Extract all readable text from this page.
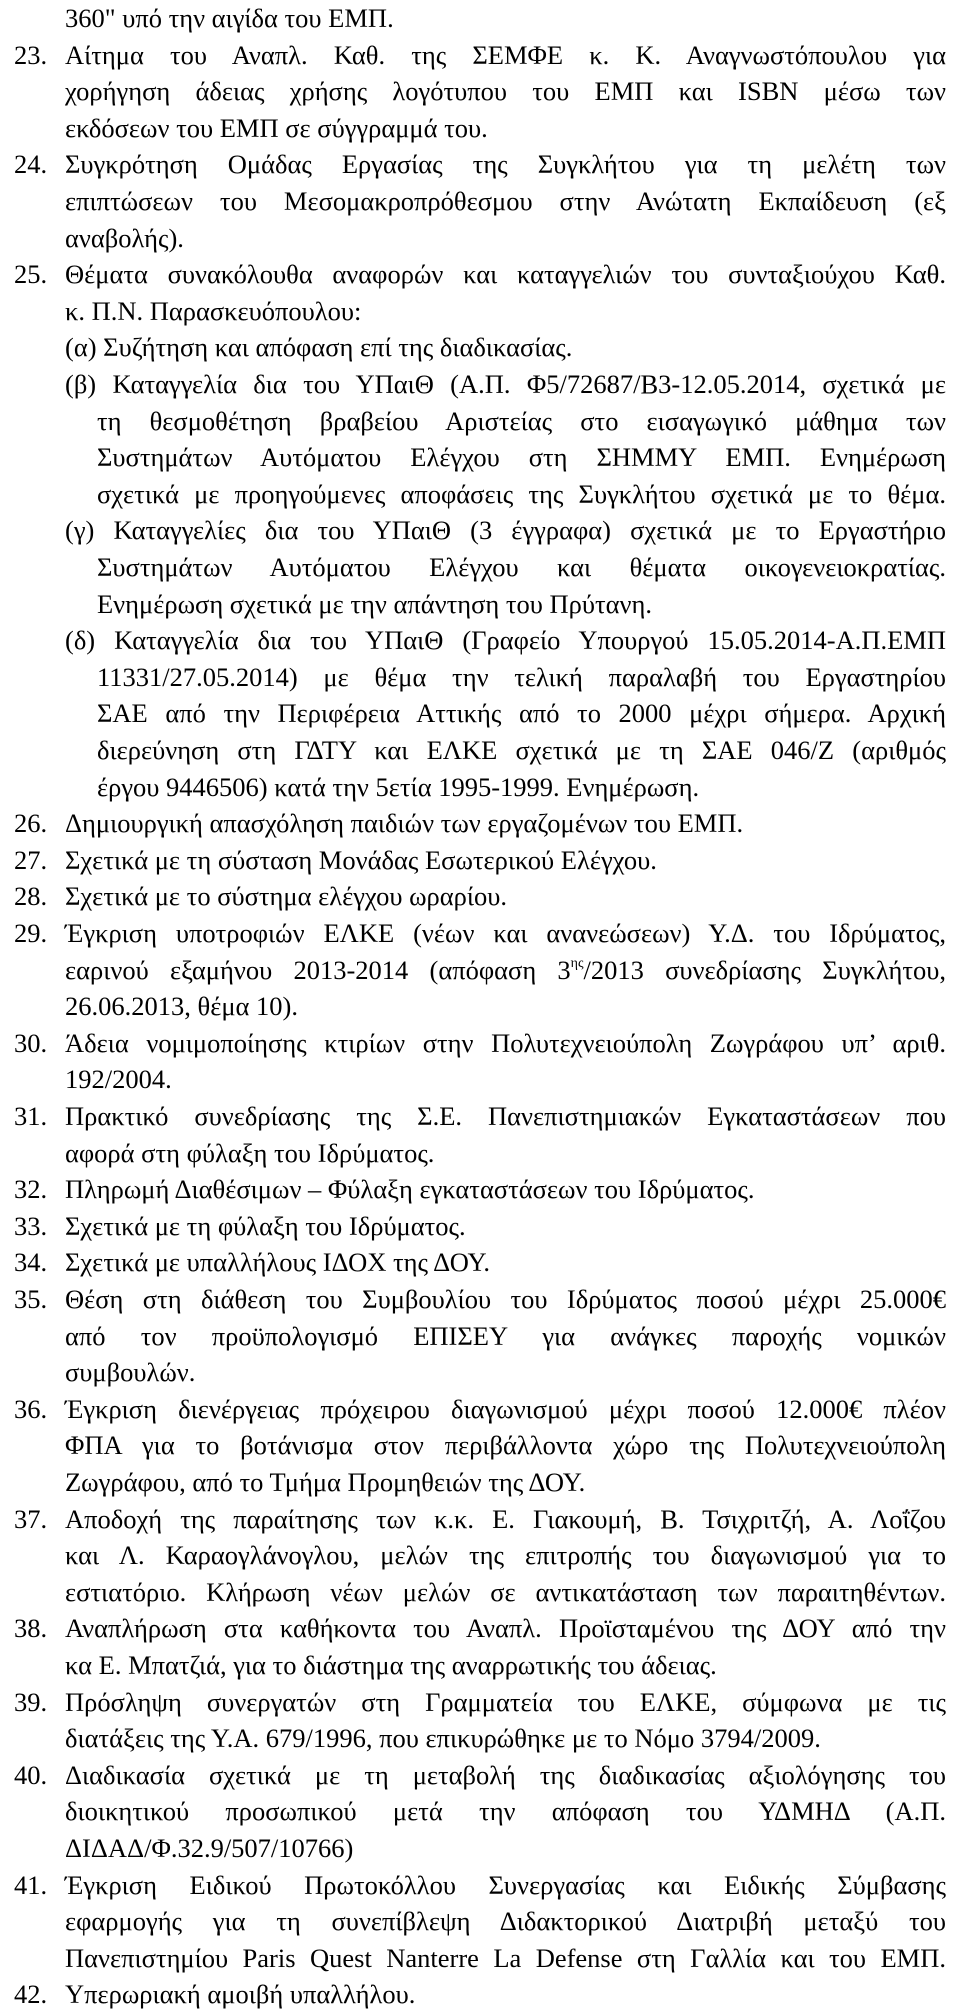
360" υπό την αιγίδα του ΕΜΠ.
23. Αίτημα του Αναπλ. Καθ. της ΣΕΜΦΕ κ. Κ. Αναγνωστόπουλου για
χορήγηση άδειας χρήσης λογότυπου του ΕΜΠ και ISBN μέσω των
εκδόσεων του ΕΜΠ σε σύγγραμμά του.
24. Συγκρότηση Ομάδας Εργασίας της Συγκλήτου για τη μελέτη των
επιπτώσεων του Μεσομακροπρόθεσμου στην Ανώτατη Εκπαίδευση (εξ
αναβολής).
25. Θέματα συνακόλουθα αναφορών και καταγγελιών του συνταξιούχου Καθ.
κ. Π.Ν. Παρασκευόπουλου:
(α) Συζήτηση και απόφαση επί της διαδικασίας.
(β) Καταγγελία δια του ΥΠαιΘ (Α.Π. Φ5/72687/Β3-12.05.2014, σχετικά με
τη θεσμοθέτηση βραβείου Αριστείας στο εισαγωγικό μάθημα των
Συστημάτων Αυτόματου Ελέγχου στη ΣΗΜΜΥ ΕΜΠ. Ενημέρωση
σχετικά με προηγούμενες αποφάσεις της Συγκλήτου σχετικά με το θέμα.
(γ) Καταγγελίες δια του ΥΠαιΘ (3 έγγραφα) σχετικά με το Εργαστήριο
Συστημάτων Αυτόματου Ελέγχου και θέματα οικογενειοκρατίας.
Ενημέρωση σχετικά με την απάντηση του Πρύτανη.
(δ) Καταγγελία δια του ΥΠαιΘ (Γραφείο Υπουργού 15.05.2014-Α.Π.ΕΜΠ
11331/27.05.2014) με θέμα την τελική παραλαβή του Εργαστηρίου
ΣΑΕ από την Περιφέρεια Αττικής από το 2000 μέχρι σήμερα. Αρχική
διερεύνηση στη ΓΔΤΥ και ΕΛΚΕ σχετικά με τη ΣΑΕ 046/Ζ (αριθμός
έργου 9446506) κατά την 5ετία 1995-1999. Ενημέρωση.
26. Δημιουργική απασχόληση παιδιών των εργαζομένων του ΕΜΠ.
27. Σχετικά με τη σύσταση Μονάδας Εσωτερικού Ελέγχου.
28. Σχετικά με το σύστημα ελέγχου ωραρίου.
29. Έγκριση υποτροφιών ΕΛΚΕ (νέων και ανανεώσεων) Υ.Δ. του Ιδρύματος,
εαρινού εξαμήνου 2013-2014 (απόφαση $3^{\eta\varsigma}/2013$ συνεδρίασης Συγκλήτου,
26.06.2013, θέμα 10).
30. Άδεια νομιμοποίησης κτιρίων στην Πολυτεχνειούπολη Ζωγράφου υπ’ αριθ.
192/2004.
31. Πρακτικό συνεδρίασης της Σ.Ε. Πανεπιστημιακών Εγκαταστάσεων που
αφορά στη φύλαξη του Ιδρύματος.
32. Πληρωμή Διαθέσιμων – Φύλαξη εγκαταστάσεων του Ιδρύματος.
33. Σχετικά με τη φύλαξη του Ιδρύματος.
34. Σχετικά με υπαλλήλους ΙΔΟΧ της ΔΟΥ.
35. Θέση στη διάθεση του Συμβουλίου του Ιδρύματος ποσού μέχρι 25.000€
από τον προϋπολογισμό ΕΠΙΣΕΥ για ανάγκες παροχής νομικών
συμβουλών.
36. Έγκριση διενέργειας πρόχειρου διαγωνισμού μέχρι ποσού 12.000€ πλέον
ΦΠΑ για το βοτάνισμα στον περιβάλλοντα χώρο της Πολυτεχνειούπολη
Ζωγράφου, από το Τμήμα Προμηθειών της ΔΟΥ.
37. Αποδοχή της παραίτησης των κ.κ. Ε. Γιακουμή, Β. Τσιχριτζή, Α. Λοΐζου
και Λ. Καραογλάνογλου, μελών της επιτροπής του διαγωνισμού για το
εστιατόριο. Κλήρωση νέων μελών σε αντικατάσταση των παραιτηθέντων.
38. Αναπλήρωση στα καθήκοντα του Αναπλ. Προϊσταμένου της ΔΟΥ από την
κα Ε. Μπατζιά, για το διάστημα της αναρρωτικής του άδειας.
39. Πρόσληψη συνεργατών στη Γραμματεία του ΕΛΚΕ, σύμφωνα με τις
διατάξεις της Υ.Α. 679/1996, που επικυρώθηκε με το Νόμο 3794/2009.
40. Διαδικασία σχετικά με τη μεταβολή της διαδικασίας αξιολόγησης του
διοικητικού προσωπικού μετά την απόφαση του ΥΔΜΗΔ (Α.Π.
ΔΙΔΑΔ/Φ.32.9/507/10766)
41. Έγκριση Ειδικού Πρωτοκόλλου Συνεργασίας και Ειδικής Σύμβασης
εφαρμογής για τη συνεπίβλεψη Διδακτορικού Διατριβή μεταξύ του
Πανεπιστημίου Paris Quest Nanterre La Defense στη Γαλλία και του ΕΜΠ.
42. Υπερωριακή αμοιβή υπαλλήλου.
